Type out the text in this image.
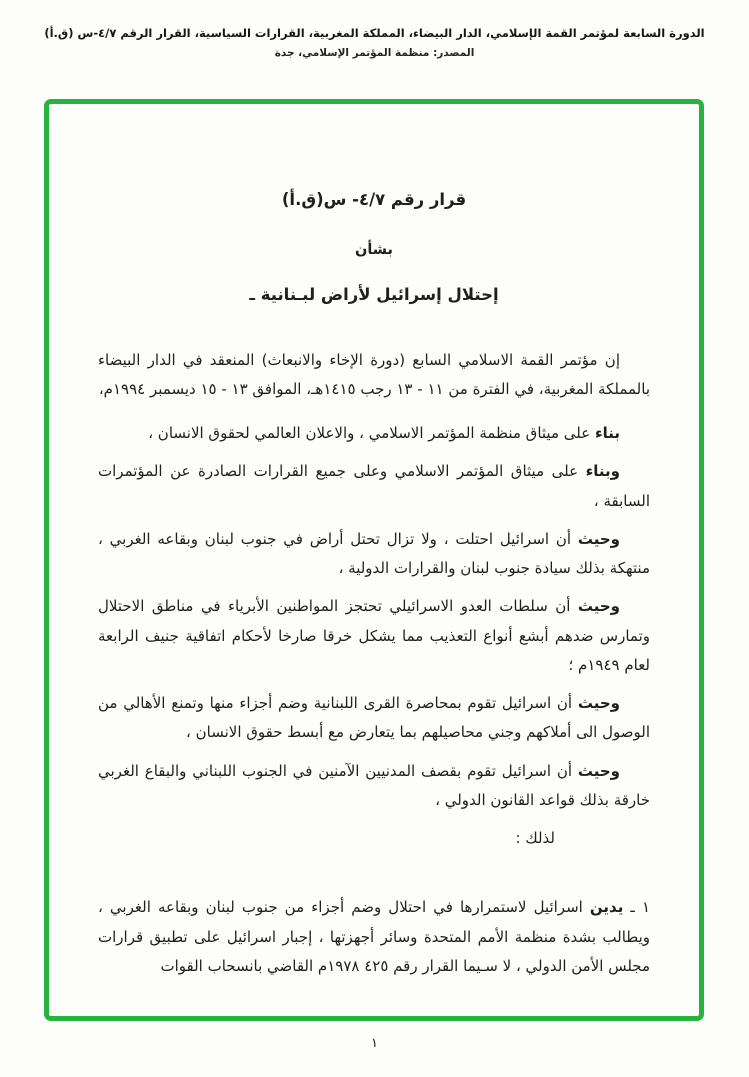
الدورة السابعة لمؤتمر القمة الإسلامي، الدار البيضاء، المملكة المغربية، القرارات السياسية، القرار الرقم ٤/٧-س (ق.أ)
المصدر: منظمة المؤتمر الإسلامي، جدة
قرار رقم ٤/٧- س(ق.أ)
بشأن
إحتلال إسرائيل لأراض لبـنانية ـ

إن مؤتمر القمة الاسلامي السابع (دورة الإخاء والانبعاث) المنعقد في الدار البيضاء بالمملكة المغربية، في الفترة من ١١ - ١٣ رجب ١٤١٥هـ، الموافق ١٣ - ١٥ ديسمبر ١٩٩٤م،

بناء على ميثاق منظمة المؤتمر الاسلامي ، والاعلان العالمي لحقوق الانسان ،

وبناء على ميثاق المؤتمر الاسلامي وعلى جميع القرارات الصادرة عن المؤتمرات السابقة ،

وحيث أن اسرائيل احتلت ، ولا تزال تحتل أراض في جنوب لبنان وبقاعه الغربي ، منتهكة بذلك سيادة جنوب لبنان والقرارات الدولية ،

وحيث أن سلطات العدو الاسرائيلي تحتجز المواطنين الأبرياء في مناطق الاحتلال وتمارس ضدهم أبشع أنواع التعذيب مما يشكل خرقا صارخا لأحكام اتفاقية جنيف الرابعة لعام ١٩٤٩م ؛

وحيث أن اسرائيل تقوم بمحاصرة القرى اللبنانية وضم أجزاء منها وتمنع الأهالي من الوصول الى أملاكهم وجني محاصيلهم بما يتعارض مع أبسط حقوق الانسان ،

وحيث أن اسرائيل تقوم بقصف المدنيين الآمنين في الجنوب اللبناني والبقاع الغربي خارقة بذلك قواعد القانون الدولي ،

لذلك :

١ ـ يدين اسرائيل لاستمرارها في احتلال وضم أجزاء من جنوب لبنان وبقاعه الغربي ، ويطالب بشدة منظمة الأمم المتحدة وسائر أجهزتها ، إجبار اسرائيل على تطبيق قرارات مجلس الأمن الدولي ، لا سـيما القرار رقم ٤٢٥ ١٩٧٨م القاضي بانسحاب القوات

١
